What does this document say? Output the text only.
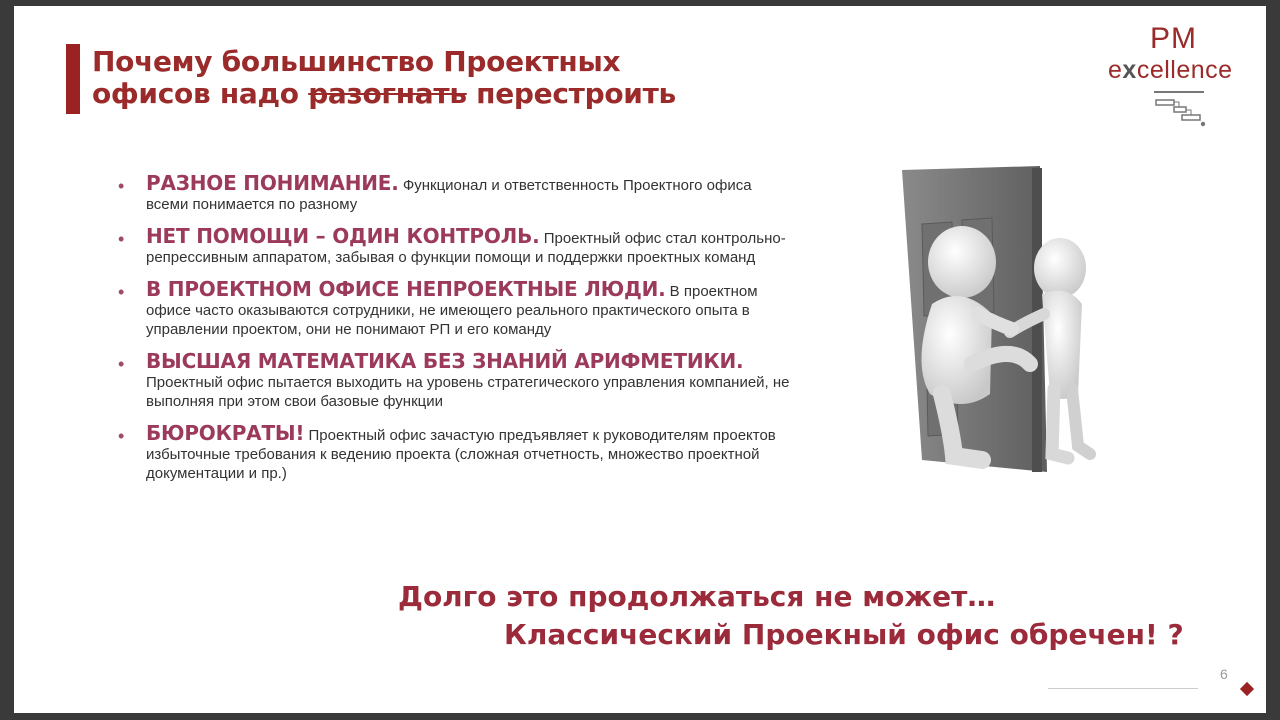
Почему большинство Проектных
офисов надо разогнать перестроить
PM
excellence
• РАЗНОЕ ПОНИМАНИЕ. Функционал и ответственность Проектного офиса всеми понимается по разному
• НЕТ ПОМОЩИ – ОДИН КОНТРОЛЬ. Проектный офис стал контрольно-репрессивным аппаратом, забывая о функции помощи и поддержки проектных команд
• В ПРОЕКТНОМ ОФИСЕ НЕПРОЕКТНЫЕ ЛЮДИ. В проектном офисе часто оказываются сотрудники, не имеющего реального практического опыта в управлении проектом, они не понимают РП и его команду
• ВЫСШАЯ МАТЕМАТИКА БЕЗ ЗНАНИЙ АРИФМЕТИКИ. Проектный офис пытается выходить на уровень стратегического управления компанией, не выполняя при этом свои базовые функции
• БЮРОКРАТЫ! Проектный офис зачастую предъявляет к руководителям проектов избыточные требования к ведению проекта (сложная отчетность, множество проектной документации и пр.)
Долго это продолжаться не может…
Классический Проекный офис обречен! ?
6
